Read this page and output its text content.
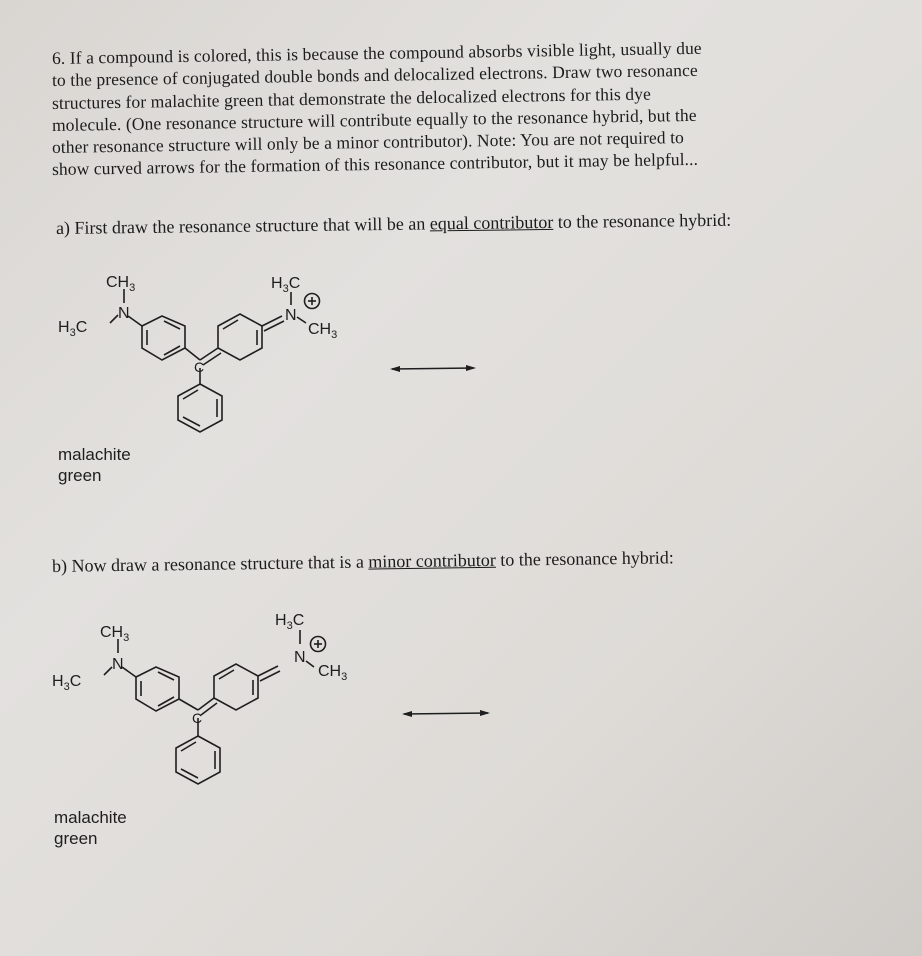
6. If a compound is colored, this is because the compound absorbs visible light, usually due
to the presence of conjugated double bonds and delocalized electrons. Draw two resonance
structures for malachite green that demonstrate the delocalized electrons for this dye
molecule. (One resonance structure will contribute equally to the resonance hybrid, but the
other resonance structure will only be a minor contributor). Note: You are not required to
show curved arrows for the formation of this resonance contributor, but it may be helpful...
a) First draw the resonance structure that will be an equal contributor to the resonance hybrid:
$CH_3$
N
$H_3C$
$H_3C$
N
$CH_3$
C
malachite
green
b) Now draw a resonance structure that is a minor contributor to the resonance hybrid:
$CH_3$
N
$H_3C$
$H_3C$
N
$CH_3$
C
malachite
green
